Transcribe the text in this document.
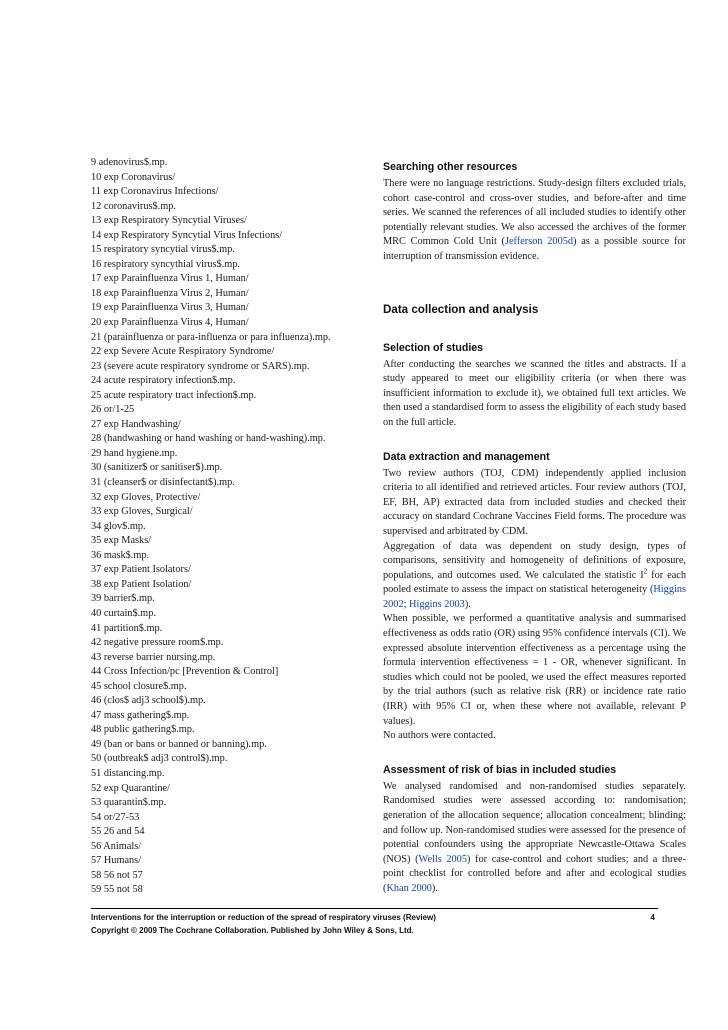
9 adenovirus$.mp.
10 exp Coronavirus/
11 exp Coronavirus Infections/
12 coronavirus$.mp.
13 exp Respiratory Syncytial Viruses/
14 exp Respiratory Syncytial Virus Infections/
15 respiratory syncytial virus$.mp.
16 respiratory syncythial virus$.mp.
17 exp Parainfluenza Virus 1, Human/
18 exp Parainfluenza Virus 2, Human/
19 exp Parainfluenza Virus 3, Human/
20 exp Parainfluenza Virus 4, Human/
21 (parainfluenza or para-influenza or para influenza).mp.
22 exp Severe Acute Respiratory Syndrome/
23 (severe acute respiratory syndrome or SARS).mp.
24 acute respiratory infection$.mp.
25 acute respiratory tract infection$.mp.
26 or/1-25
27 exp Handwashing/
28 (handwashing or hand washing or hand-washing).mp.
29 hand hygiene.mp.
30 (sanitizer$ or sanitiser$).mp.
31 (cleanser$ or disinfectant$).mp.
32 exp Gloves, Protective/
33 exp Gloves, Surgical/
34 glov$.mp.
35 exp Masks/
36 mask$.mp.
37 exp Patient Isolators/
38 exp Patient Isolation/
39 barrier$.mp.
40 curtain$.mp.
41 partition$.mp.
42 negative pressure room$.mp.
43 reverse barrier nursing.mp.
44 Cross Infection/pc [Prevention & Control]
45 school closure$.mp.
46 (clos$ adj3 school$).mp.
47 mass gathering$.mp.
48 public gathering$.mp.
49 (ban or bans or banned or banning).mp.
50 (outbreak$ adj3 control$).mp.
51 distancing.mp.
52 exp Quarantine/
53 quarantin$.mp.
54 or/27-53
55 26 and 54
56 Animals/
57 Humans/
58 56 not 57
59 55 not 58
Searching other resources

There were no language restrictions. Study-design filters excluded trials, cohort case-control and cross-over studies, and before-after and time series. We scanned the references of all included studies to identify other potentially relevant studies. We also accessed the archives of the former MRC Common Cold Unit (Jefferson 2005d) as a possible source for interruption of transmission evidence.

Data collection and analysis
Selection of studies

After conducting the searches we scanned the titles and abstracts. If a study appeared to meet our eligibility criteria (or when there was insufficient information to exclude it), we obtained full text articles. We then used a standardised form to assess the eligibility of each study based on the full article.

Data extraction and management

Two review authors (TOJ, CDM) independently applied inclusion criteria to all identified and retrieved articles. Four review authors (TOJ, EF, BH, AP) extracted data from included studies and checked their accuracy on standard Cochrane Vaccines Field forms. The procedure was supervised and arbitrated by CDM.

Aggregation of data was dependent on study design, types of comparisons, sensitivity and homogeneity of definitions of exposure, populations, and outcomes used. We calculated the statistic $I^2$ for each pooled estimate to assess the impact on statistical heterogeneity (Higgins 2002; Higgins 2003).

When possible, we performed a quantitative analysis and summarised effectiveness as odds ratio (OR) using 95% confidence intervals (CI). We expressed absolute intervention effectiveness as a percentage using the formula intervention effectiveness = 1 - OR, whenever significant. In studies which could not be pooled, we used the effect measures reported by the trial authors (such as relative risk (RR) or incidence rate ratio (IRR) with 95% CI or, when these where not available, relevant P values).

No authors were contacted.

Assessment of risk of bias in included studies

We analysed randomised and non-randomised studies separately. Randomised studies were assessed according to: randomisation; generation of the allocation sequence; allocation concealment; blinding; and follow up. Non-randomised studies were assessed for the presence of potential confounders using the appropriate Newcastle-Ottawa Scales (NOS) (Wells 2005) for case-control and cohort studies; and a three-point checklist for controlled before and after and ecological studies (Khan 2000).

Interventions for the interruption or reduction of the spread of respiratory viruses (Review)
Copyright © 2009 The Cochrane Collaboration. Published by John Wiley & Sons, Ltd.
4
